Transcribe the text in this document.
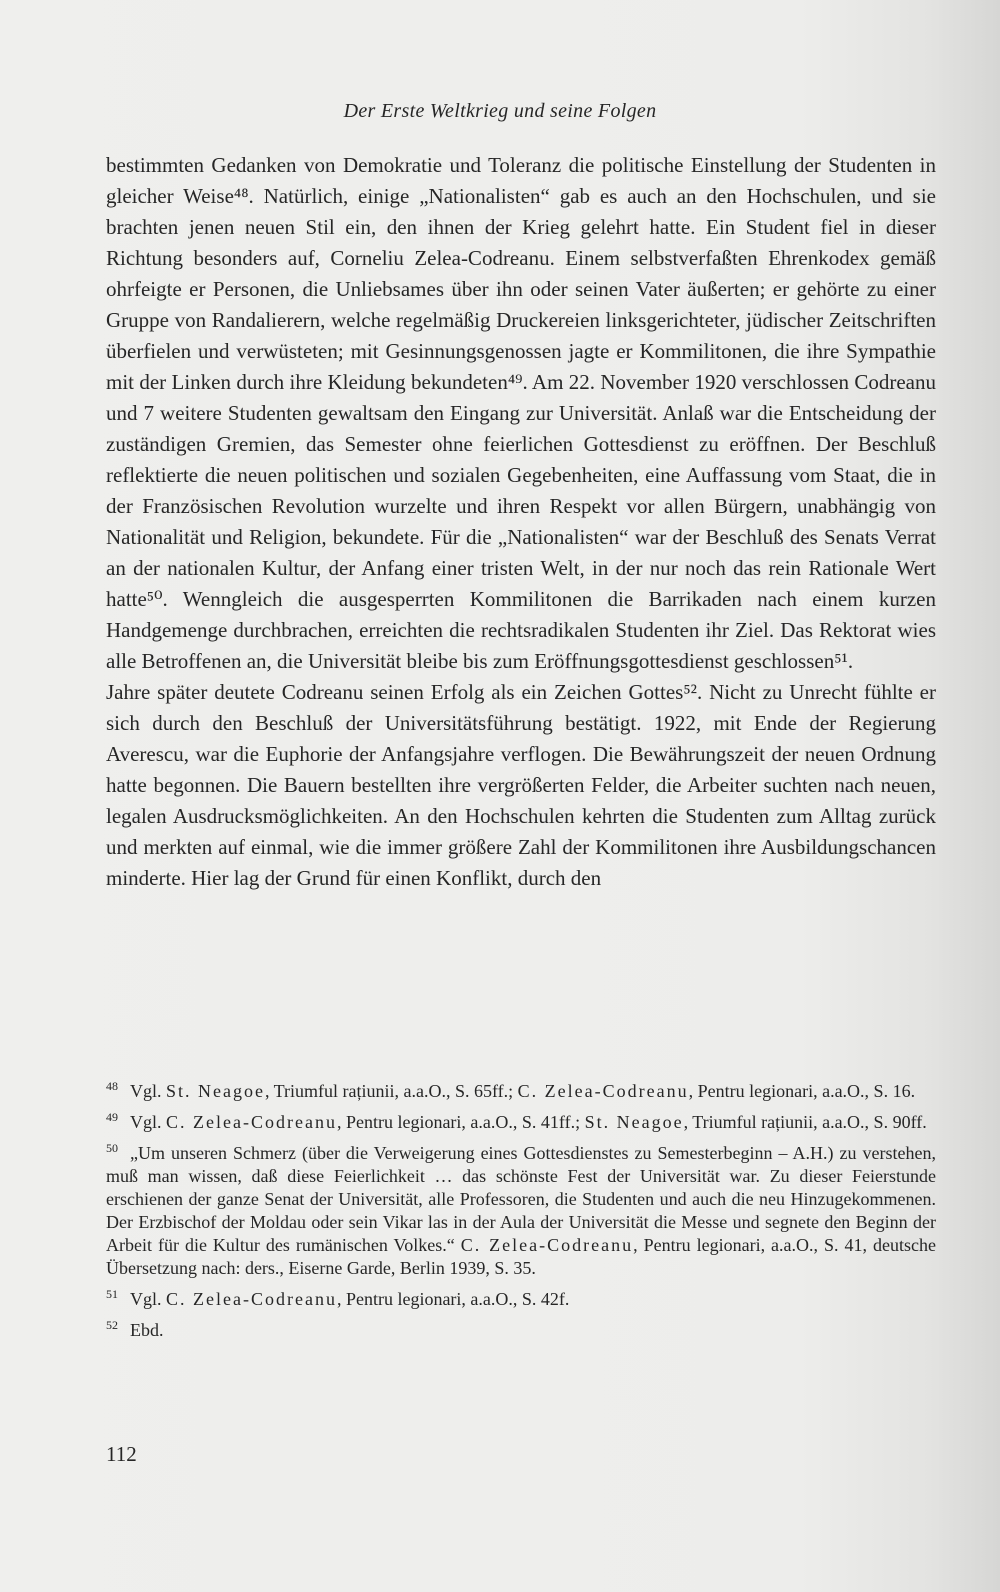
Der Erste Weltkrieg und seine Folgen

bestimmten Gedanken von Demokratie und Toleranz die politische Einstellung der Studenten in gleicher Weise⁴⁸. Natürlich, einige „Nationalisten“ gab es auch an den Hochschulen, und sie brachten jenen neuen Stil ein, den ihnen der Krieg gelehrt hatte. Ein Student fiel in dieser Richtung besonders auf, Corneliu Zelea-Codreanu. Einem selbstverfaßten Ehrenkodex gemäß ohrfeigte er Personen, die Unliebsames über ihn oder seinen Vater äußerten; er gehörte zu einer Gruppe von Randalierern, welche regelmäßig Druckereien linksgerichteter, jüdischer Zeitschriften überfielen und verwüsteten; mit Gesinnungsgenossen jagte er Kommilitonen, die ihre Sympathie mit der Linken durch ihre Kleidung bekundeten⁴⁹. Am 22. November 1920 verschlossen Codreanu und 7 weitere Studenten gewaltsam den Eingang zur Universität. Anlaß war die Entscheidung der zuständigen Gremien, das Semester ohne feierlichen Gottesdienst zu eröffnen. Der Beschluß reflektierte die neuen politischen und sozialen Gegebenheiten, eine Auffassung vom Staat, die in der Französischen Revolution wurzelte und ihren Respekt vor allen Bürgern, unabhängig von Nationalität und Religion, bekundete. Für die „Nationalisten“ war der Beschluß des Senats Verrat an der nationalen Kultur, der Anfang einer tristen Welt, in der nur noch das rein Rationale Wert hatte⁵⁰. Wenngleich die ausgesperrten Kommilitonen die Barrikaden nach einem kurzen Handgemenge durchbrachen, erreichten die rechtsradikalen Studenten ihr Ziel. Das Rektorat wies alle Betroffenen an, die Universität bleibe bis zum Eröffnungsgottesdienst geschlossen⁵¹.

Jahre später deutete Codreanu seinen Erfolg als ein Zeichen Gottes⁵². Nicht zu Unrecht fühlte er sich durch den Beschluß der Universitätsführung bestätigt. 1922, mit Ende der Regierung Averescu, war die Euphorie der Anfangsjahre verflogen. Die Bewährungszeit der neuen Ordnung hatte begonnen. Die Bauern bestellten ihre vergrößerten Felder, die Arbeiter suchten nach neuen, legalen Ausdrucksmöglichkeiten. An den Hochschulen kehrten die Studenten zum Alltag zurück und merkten auf einmal, wie die immer größere Zahl der Kommilitonen ihre Ausbildungschancen minderte. Hier lag der Grund für einen Konflikt, durch den

$^{48}$ Vgl. St. Neagoe, Triumful rațiunii, a.a.O., S. 65ff.; C. Zelea-Codreanu, Pentru legionari, a.a.O., S. 16.

$^{49}$ Vgl. C. Zelea-Codreanu, Pentru legionari, a.a.O., S. 41ff.; St. Neagoe, Triumful rațiunii, a.a.O., S. 90ff.

$^{50}$ „Um unseren Schmerz (über die Verweigerung eines Gottesdienstes zu Semesterbeginn – A.H.) zu verstehen, muß man wissen, daß diese Feierlichkeit … das schönste Fest der Universität war. Zu dieser Feierstunde erschienen der ganze Senat der Universität, alle Professoren, die Studenten und auch die neu Hinzugekommenen. Der Erzbischof der Moldau oder sein Vikar las in der Aula der Universität die Messe und segnete den Beginn der Arbeit für die Kultur des rumänischen Volkes.“ C. Zelea-Codreanu, Pentru legionari, a.a.O., S. 41, deutsche Übersetzung nach: ders., Eiserne Garde, Berlin 1939, S. 35.

$^{51}$ Vgl. C. Zelea-Codreanu, Pentru legionari, a.a.O., S. 42f.

$^{52}$ Ebd.

112
